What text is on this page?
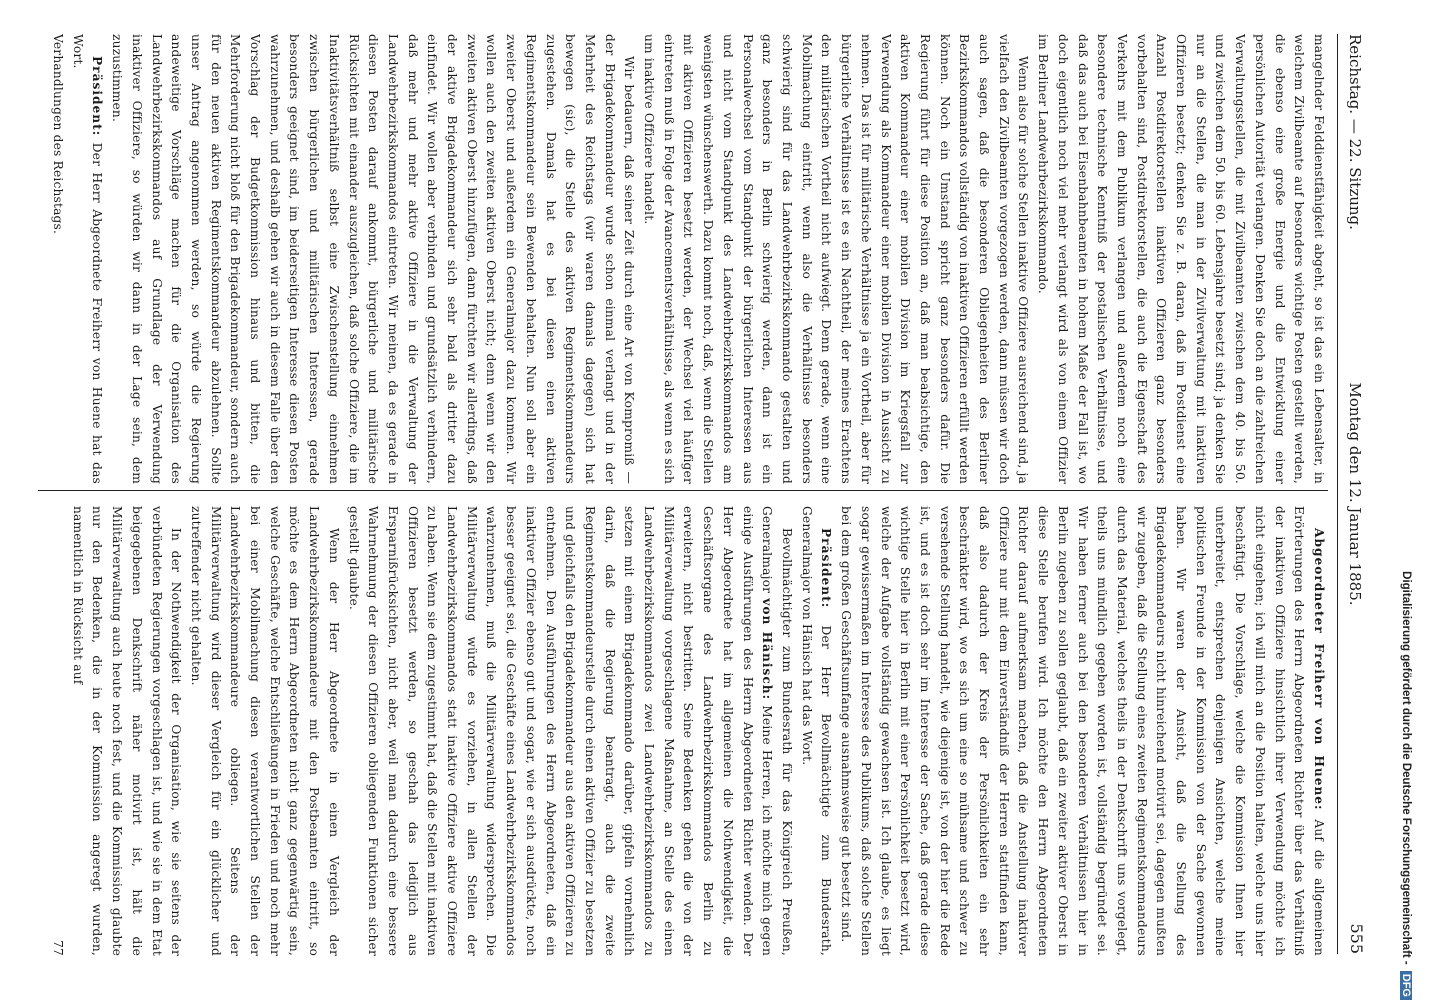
Reichstag. — 22. Sitzung.
Montag den 12. Januar 1885.
555

mangelnder Felddienstfähigkeit abgeht, so ist das ein Lebensalter, in welchem Zivilbeamte auf besonders wichtige Posten gestellt werden, die ebenso eine große Energie und die Entwicklung einer persönlichen Autorität verlangen. Denken Sie doch an die zahlreichen Verwaltungsstellen, die mit Zivilbeamten zwischen dem 40. bis 50. und zwischen dem 50. bis 60. Lebensjahre besetzt sind; ja denken Sie nur an die Stellen, die man in der Zivilverwaltung mit inaktiven Offizieren besetzt; denken Sie z. B. daran, daß im Postdienst eine Anzahl Postdirektorstellen inaktiven Offizieren ganz besonders vorbehalten sind, Postdirektorstellen, die auch die Eigenschaft des Verkehrs mit dem Publikum verlangen und außerdem noch eine besondere technische Kenntniß der postalischen Verhältnisse, und daß das auch bei Eisenbahnbeamten in hohem Maße der Fall ist, wo doch eigentlich noch viel mehr verlangt wird als von einem Offizier im Berliner Landwehrbezirkskommando.

Wenn also für solche Stellen inaktive Offiziere ausreichend sind, ja vielfach den Zivilbeamten vorgezogen werden, dann müssen wir doch auch sagen, daß die besonderen Obliegenheiten des Berliner Bezirkskommandos vollständig von inaktiven Offizieren erfüllt werden können. Noch ein Umstand spricht ganz besonders dafür. Die Regierung führt für diese Position an, daß man beabsichtige, den aktiven Kommandeur einer mobilen Division im Kriegsfall zur Verwendung als Kommandeur einer mobilen Division in Aussicht zu nehmen. Das ist für militärische Verhältnisse ja ein Vortheil, aber für bürgerliche Verhältnisse ist es ein Nachtheil, der meines Erachtens den militärischen Vortheil nicht aufwiegt. Denn gerade, wenn eine Mobilmachung eintritt, wenn also die Verhältnisse besonders schwierig sind für das Landwehrbezirkskommando gestalten und ganz besonders in Berlin schwierig werden, dann ist ein Personalwechsel vom Standpunkt der bürgerlichen Interessen aus und nicht vom Standpunkt des Landwehrbezirkskommandos am wenigsten wünschenswerth. Dazu kommt noch, daß, wenn die Stellen mit aktiven Offizieren besetzt werden, der Wechsel viel häufiger eintreten muß in Folge der Avancementsverhältnisse, als wenn es sich um inaktive Offiziere handelt.

Wir bedauern, daß seiner Zeit durch eine Art von Kompromiß — der Brigadekommandeur wurde schon einmal verlangt und in der Mehrheit des Reichstags (wir waren damals dagegen) sich hat bewegen (sic), die Stelle des aktiven Regimentskommandeurs zugestehen. Damals hat es bei diesen einen aktiven Regimentskommandeur sein Bewenden behalten. Nun soll aber ein zweiter Oberst und außerdem ein Generalmajor dazu kommen. Wir wollen auch den zweiten aktiven Oberst nicht; denn wenn wir den zweiten aktiven Oberst hinzufügen, dann fürchten wir allerdings, daß der aktive Brigadekommandeur sich sehr bald als dritter dazu einfindet. Wir wollen aber verbinden und grundsätzlich verhindern, daß mehr und mehr aktive Offiziere in die Verwaltung der Landwehrbezirkskommandos eintreten. Wir meinen, da es gerade in diesen Posten darauf ankommt, bürgerliche und militärische Rücksichten mit einander auszugleichen, daß solche Offiziere, die im Inaktivitätsverhältniß selbst eine Zwischenstellung einnehmen zwischen bürgerlichen und militärischen Interessen, gerade besonders geeignet sind, im beiderseitigen Interesse diesen Posten wahrzunehmen, und deshalb gehen wir auch in diesem Falle über den Vorschlag der Budgetkommission hinaus und bitten, die Mehrforderung nicht bloß für den Brigadekommandeur, sondern auch für den neuen aktiven Regimentskommandeur abzulehnen. Sollte unser Antrag angenommen werden, so würde die Regierung andeweitige Vorschläge machen für die Organisation des Landwehrbezirkskommandos auf Grundlage der Verwendung inaktiver Offiziere, so würden wir dann in der Lage sein, dem zuzustimmen.

Präsident: Der Herr Abgeordnete Freiherr von Huene hat das Wort.

Verhandlungen des Reichstags.

Abgeordneter Freiherr von Huene: Auf die allgemeinen Erörterungen des Herrn Abgeordneten Richter über das Verhältniß der inaktiven Offiziere hinsichtlich ihrer Verwendung möchte ich nicht eingehen; ich will mich an die Position halten, welche uns hier beschäftigt. Die Vorschläge, welche die Kommission Ihnen hier unterbreitet, entsprechen denjenigen Ansichten, welche meine politischen Freunde in der Kommission von der Sache gewonnen haben. Wir waren der Ansicht, daß die Stellung des Brigadekommandeurs nicht hinreichend motivirt sei, dagegen mußten wir zugeben, daß die Stellung eines zweiten Regimentskommandeurs durch das Material, welches theils in der Denkschrift uns vorgelegt, theils uns mündlich gegeben worden ist, vollständig begründet sei. Wir haben ferner auch bei den besonderen Verhältnissen hier in Berlin zugeben zu sollen geglaubt, daß ein zweiter aktiver Oberst in diese Stelle berufen wird. Ich möchte den Herrn Abgeordneten Richter darauf aufmerksam machen, daß die Anstellung inaktiver Offiziere nur mit dem Einverständniß der Herren stattfinden kann, daß also dadurch der Kreis der Persönlichkeiten ein sehr beschränkter wird, wo es sich um eine so mühsame und schwer zu versehende Stellung handelt, wie diejenige ist, von der hier die Rede ist, und es ist doch sehr im Interesse der Sache, daß gerade diese wichtige Stelle hier in Berlin mit einer Persönlichkeit besetzt wird, welche der Aufgabe vollständig gewachsen ist. Ich glaube, es liegt sogar gewissermaßen im Interesse des Publikums, daß solche Stellen bei dem großen Geschäftsumfange ausnahmsweise gut besetzt sind.

Präsident: Der Herr Bevollmächtigte zum Bundesrath, Generalmajor von Hänisch hat das Wort.

Bevollmächtigter zum Bundesrath für das Königreich Preußen, Generalmajor von Hänisch: Meine Herren, ich möchte mich gegen einige Ausführungen des Herrn Abgeordneten Richter wenden. Der Herr Abgeordnete hat im allgemeinen die Nothwendigkeit, die Geschäftsorgane des Landwehrbezirkskommandos Berlin zu erweitern, nicht bestritten. Seine Bedenken gehen die von der Militärverwaltung vorgeschlagene Maßnahme, an Stelle des einen Landwehrbezirkskommandos zwei Landwehrbezirkskommandos zu setzen mit einem Brigadekommando darüber, gipfeln vornehmlich darin, daß die Regierung beantragt, auch die zweite Regimentskommandeurstelle durch einen aktiven Offizier zu besetzen und gleichfalls den Brigadekommandeur aus den aktiven Offizieren zu entnehmen. Den Ausführungen des Herrn Abgeordneten, daß ein inaktiver Offizier ebenso gut und sogar, wie er sich ausdrückte, noch besser geeignet sei, die Geschäfte eines Landwehrbezirkskommandos wahrzunehmen, muß die Militärverwaltung widersprechen. Die Militärverwaltung würde es vorziehen, in allen Stellen der Landwehrbezirkskommandos statt inaktive Offiziere aktive Offiziere zu haben. Wenn sie dem zugestimmt hat, daß die Stellen mit inaktiven Offizieren besetzt werden, so geschah das lediglich aus Ersparnißrücksichten, nicht aber, weil man dadurch eine bessere Wahrnehmung der diesen Offizieren obliegenden Funktionen sicher gestellt glaubte.

Wenn der Herr Abgeordnete in einen Vergleich der Landwehrbezirkskommandeure mit den Postbeamten eintritt, so möchte es dem Herrn Abgeordneten nicht ganz gegenwärtig sein, welche Geschäfte, welche Entschließungen in Frieden und noch mehr bei einer Mobilmachung diesen verantwortlichen Stellen der Landwehrbezirkskommandeure obliegen. Seitens der Militärverwaltung wird dieser Vergleich für ein glücklicher und zutreffender nicht gehalten.

In der Nothwendigkeit der Organisation, wie sie seitens der verbündeten Regierungen vorgeschlagen ist, und wie sie in dem Etat beigegebenen Denkschrift näher motivirt ist, hält die Militärverwaltung auch heute noch fest, und die Kommission glaubte nur den Bedenken, die in der Kommission angeregt wurden, namentlich in Rücksicht auf

77	Digitalisierung gefördert durch die Deutsche Forschungsgemeinschaft -
DFG
